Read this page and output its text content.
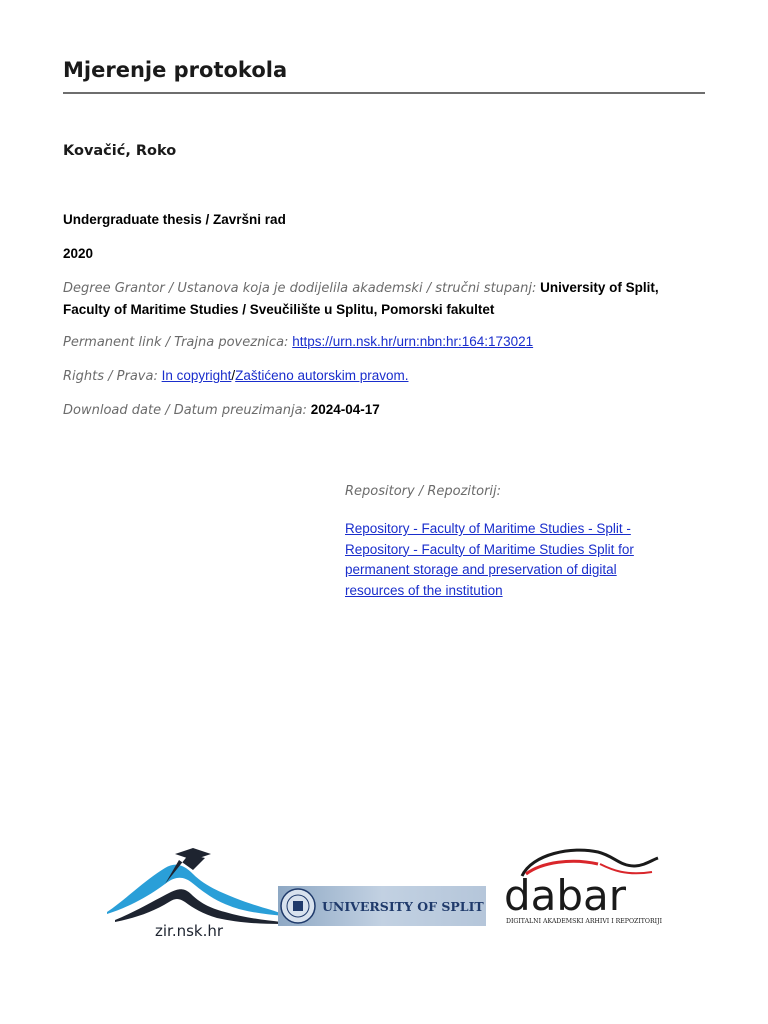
Mjerenje protokola
Kovačić, Roko
Undergraduate thesis / Završni rad
2020
Degree Grantor / Ustanova koja je dodijelila akademski / stručni stupanj: University of Split, Faculty of Maritime Studies / Sveučilište u Splitu, Pomorski fakultet
Permanent link / Trajna poveznica: https://urn.nsk.hr/urn:nbn:hr:164:173021
Rights / Prava: In copyright/Zaštićeno autorskim pravom.
Download date / Datum preuzimanja: 2024-04-17
Repository / Repozitorij:
Repository - Faculty of Maritime Studies - Split - Repository - Faculty of Maritime Studies Split for permanent storage and preservation of digital resources of the institution
zir.nsk.hr
UNIVERSITY OF SPLIT dabar
DIGITALNI AKADEMSKI ARHIVI I REPOZITORIJI
